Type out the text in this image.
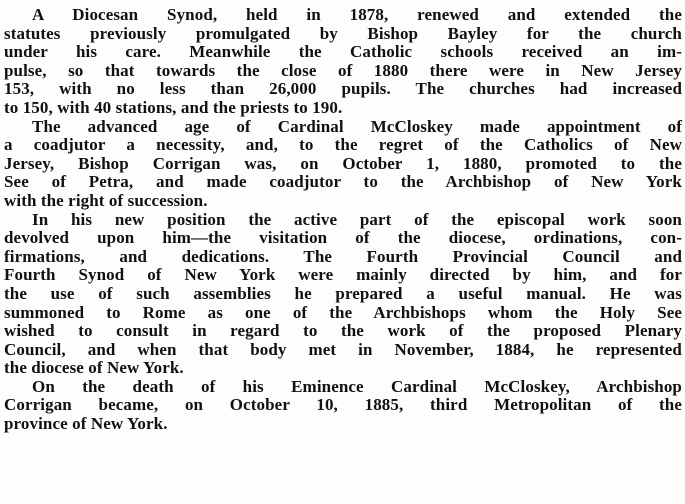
A Diocesan Synod, held in 1878, renewed and extended the
statutes previously promulgated by Bishop Bayley for the church
under his care. Meanwhile the Catholic schools received an im-
pulse, so that towards the close of 1880 there were in New Jersey
153, with no less than 26,000 pupils. The churches had increased
to 150, with 40 stations, and the priests to 190.
The advanced age of Cardinal McCloskey made appointment of
a coadjutor a necessity, and, to the regret of the Catholics of New
Jersey, Bishop Corrigan was, on October 1, 1880, promoted to the
See of Petra, and made coadjutor to the Archbishop of New York
with the right of succession.
In his new position the active part of the episcopal work soon
devolved upon him—the visitation of the diocese, ordinations, con-
firmations, and dedications. The Fourth Provincial Council and
Fourth Synod of New York were mainly directed by him, and for
the use of such assemblies he prepared a useful manual. He was
summoned to Rome as one of the Archbishops whom the Holy See
wished to consult in regard to the work of the proposed Plenary
Council, and when that body met in November, 1884, he represented
the diocese of New York.
On the death of his Eminence Cardinal McCloskey, Archbishop
Corrigan became, on October 10, 1885, third Metropolitan of the
province of New York.
